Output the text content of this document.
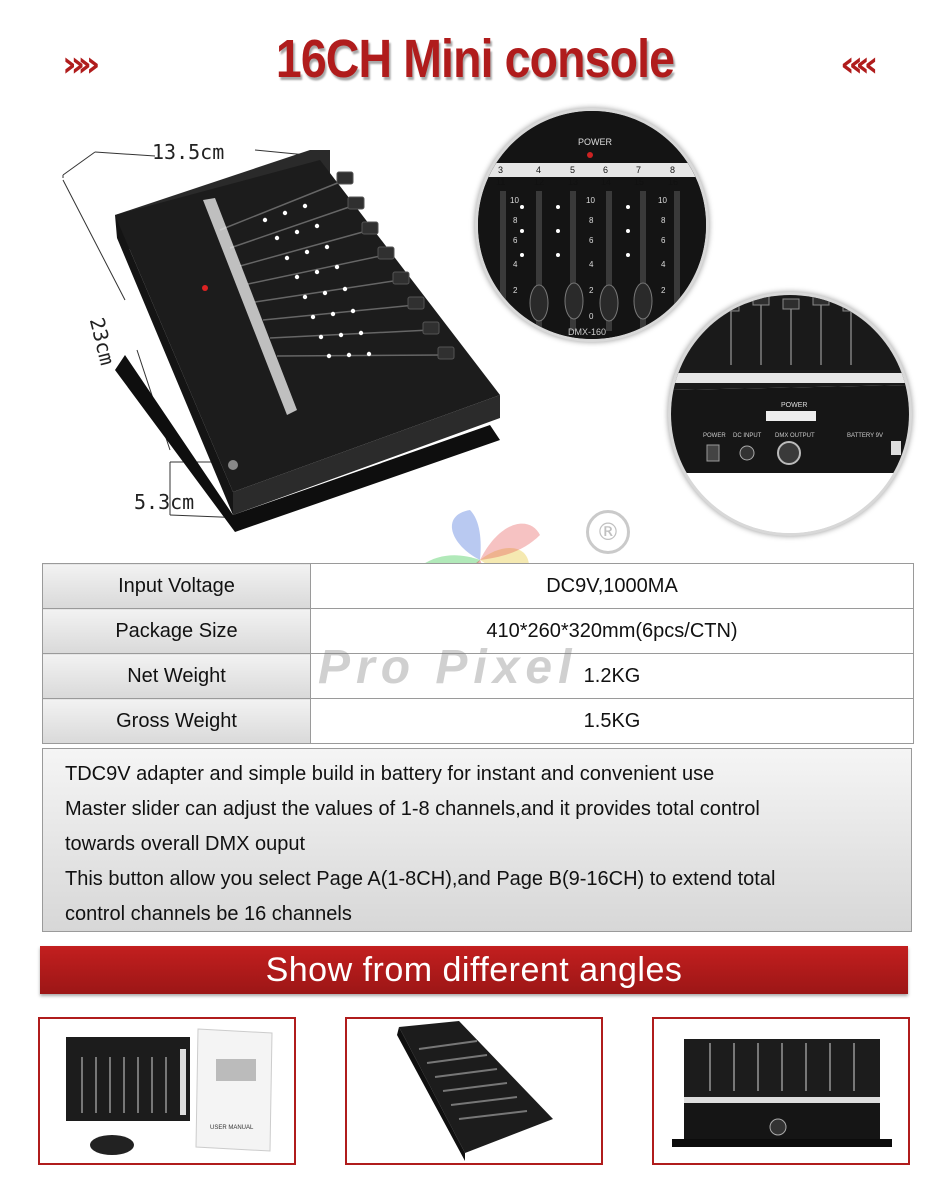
»»	16CH Mini console	««
13.5cm
23cm
5.3cm
POWER
3	4	5	6	7	8
11	12	13	14	15	16
10
8
6
4
2
0
10
8
6
4
2
0
10
8
6
4
2
DMX-160
POWER
POWER DC INPUT DMX OUTPUT	BATTERY 9V
®
Input Voltage	DC9V,1000MA
Package Size	410*260*320mm(6pcs/CTN)
Net Weight	1.2KG
Gross Weight	1.5KG
Pro Pixel

TDC9V adapter and simple build in battery for instant and convenient use

Master slider can adjust the values of 1-8 channels,and it provides total control

towards overall DMX ouput

This button allow you select Page A(1-8CH),and Page B(9-16CH) to extend total

control channels be 16 channels

Show from different angles
USER MANUAL
